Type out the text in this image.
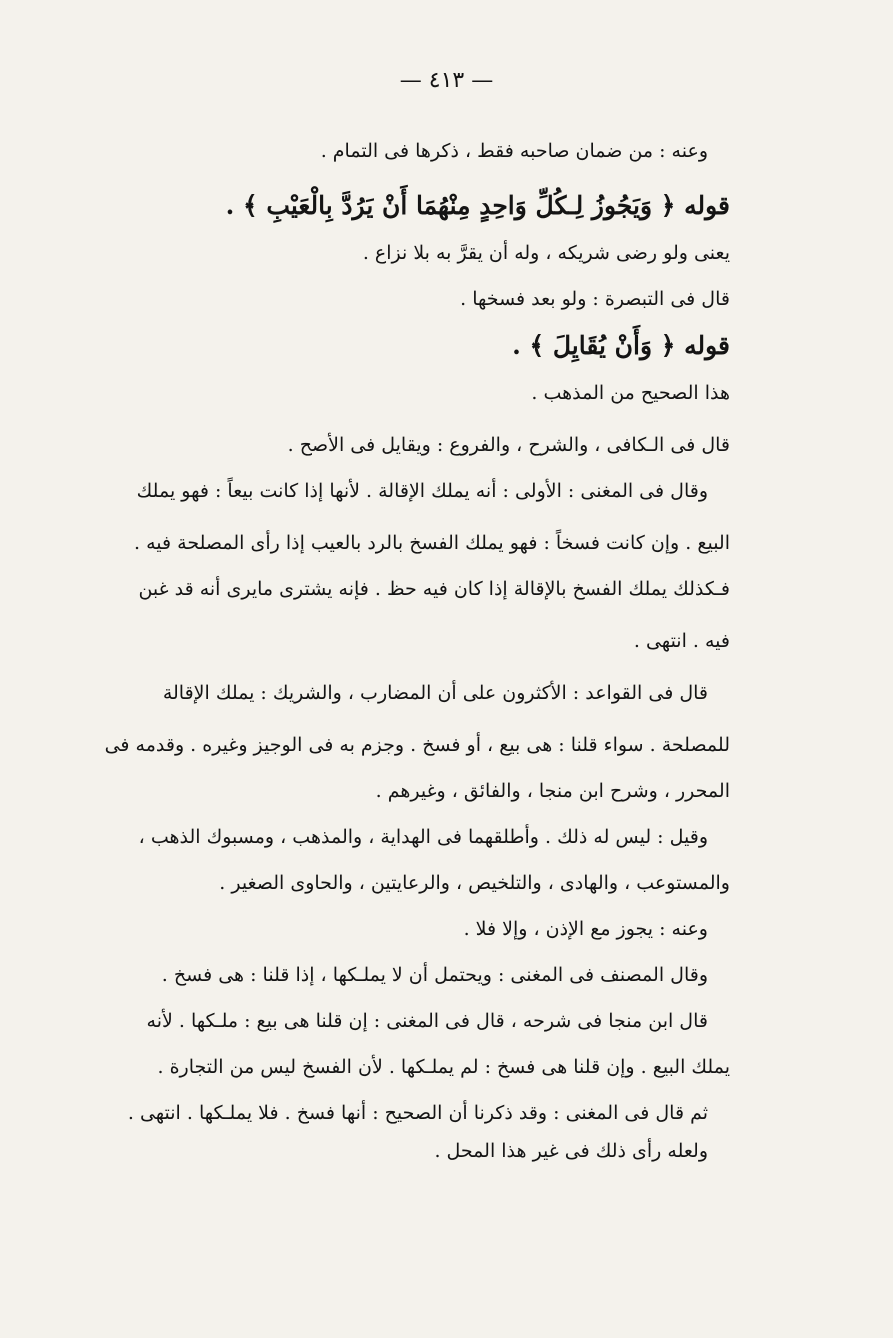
— ٤١٣ —
وعنه : من ضمان صاحبه فقط ، ذكرها فى التمام .
قوله ﴿ وَيَجُوزُ لِـكُلِّ وَاحِدٍ مِنْهُمَا أَنْ يَرُدَّ بِالْعَيْبِ ﴾ .
يعنى ولو رضى شريكه ، وله أن يقرَّ به بلا نزاع .
قال فى التبصرة : ولو بعد فسخها .
قوله ﴿ وَأَنْ يُقَايِلَ ﴾ .
هذا الصحيح من المذهب .
قال فى الـكافى ، والشرح ، والفروع : ويقايل فى الأصح .
وقال فى المغنى : الأولى : أنه يملك الإقالة . لأنها إذا كانت بيعاً : فهو يملك
البيع . وإن كانت فسخاً : فهو يملك الفسخ بالرد بالعيب إذا رأى المصلحة فيه .
فـكذلك يملك الفسخ بالإقالة إذا كان فيه حظ . فإنه يشترى مايرى أنه قد غبن
فيه . انتهى .
قال فى القواعد : الأكثرون على أن المضارب ، والشريك : يملك الإقالة
للمصلحة . سواء قلنا : هى بيع ، أو فسخ . وجزم به فى الوجيز وغيره . وقدمه فى
المحرر ، وشرح ابن منجا ، والفائق ، وغيرهم .
وقيل : ليس له ذلك . وأطلقهما فى الهداية ، والمذهب ، ومسبوك الذهب ،
والمستوعب ، والهادى ، والتلخيص ، والرعايتين ، والحاوى الصغير .
وعنه : يجوز مع الإذن ، وإلا فلا .
وقال المصنف فى المغنى : ويحتمل أن لا يملـكها ، إذا قلنا : هى فسخ .
قال ابن منجا فى شرحه ، قال فى المغنى : إن قلنا هى بيع : ملـكها . لأنه
يملك البيع . وإن قلنا هى فسخ : لم يملـكها . لأن الفسخ ليس من التجارة .
ثم قال فى المغنى : وقد ذكرنا أن الصحيح : أنها فسخ . فلا يملـكها . انتهى .
ولعله رأى ذلك فى غير هذا المحل .
